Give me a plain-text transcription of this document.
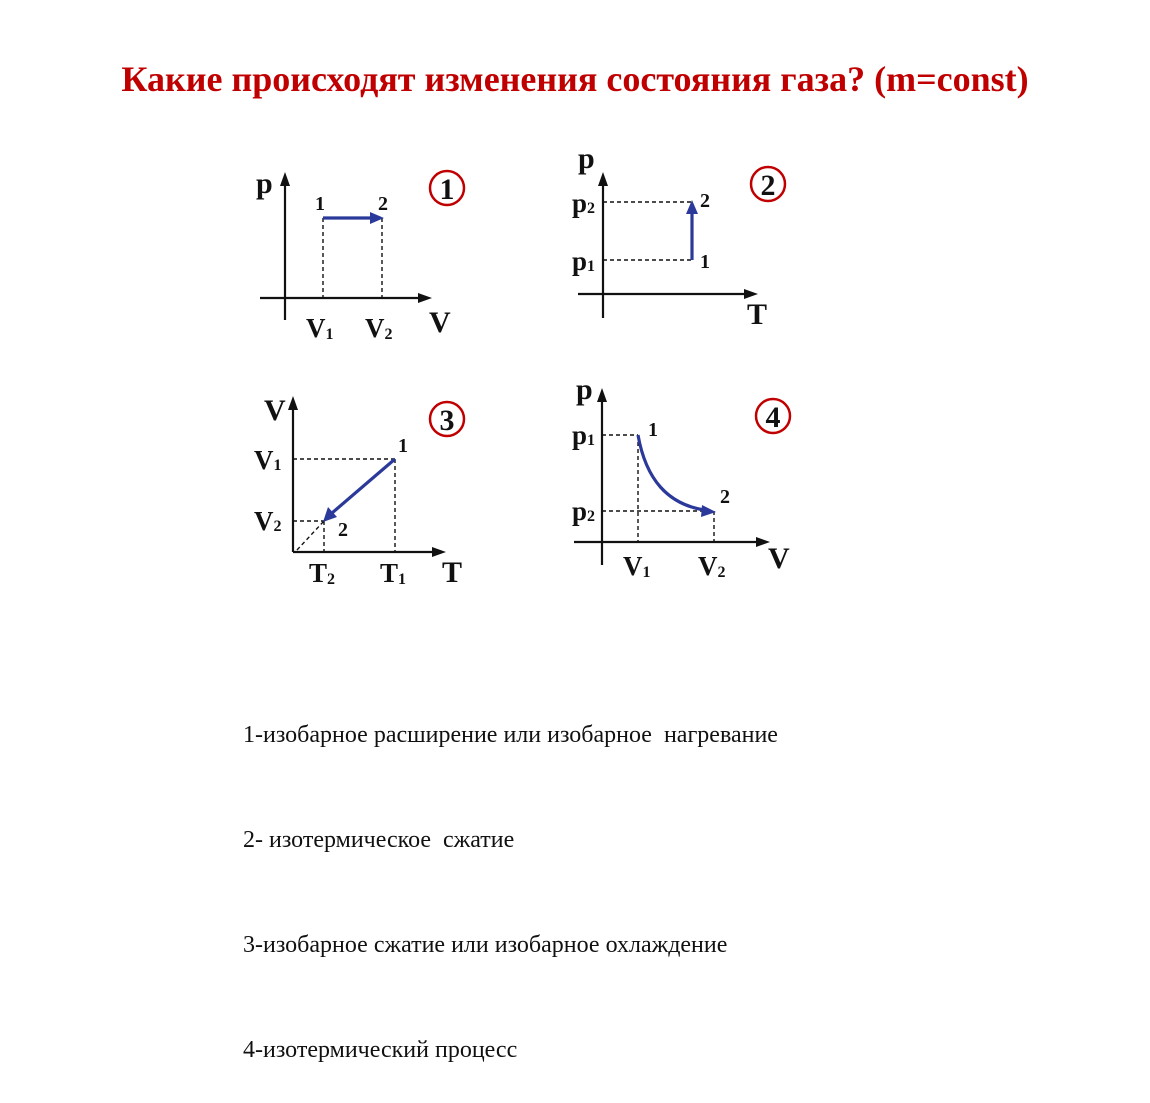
Какие происходят изменения состояния газа? (m=const)
p
V
V1 V2
1	2 1
p
T
p2
p1	1
2 2
V
T
V1
V2
T2 T1
1
2
3
p
V
p1
p2
V1 V2
1
2
4

1-изобарное расширение или изобарное  нагревание

2- изотермическое  сжатие

3-изобарное сжатие или изобарное охлаждение

4-изотермический процесс
